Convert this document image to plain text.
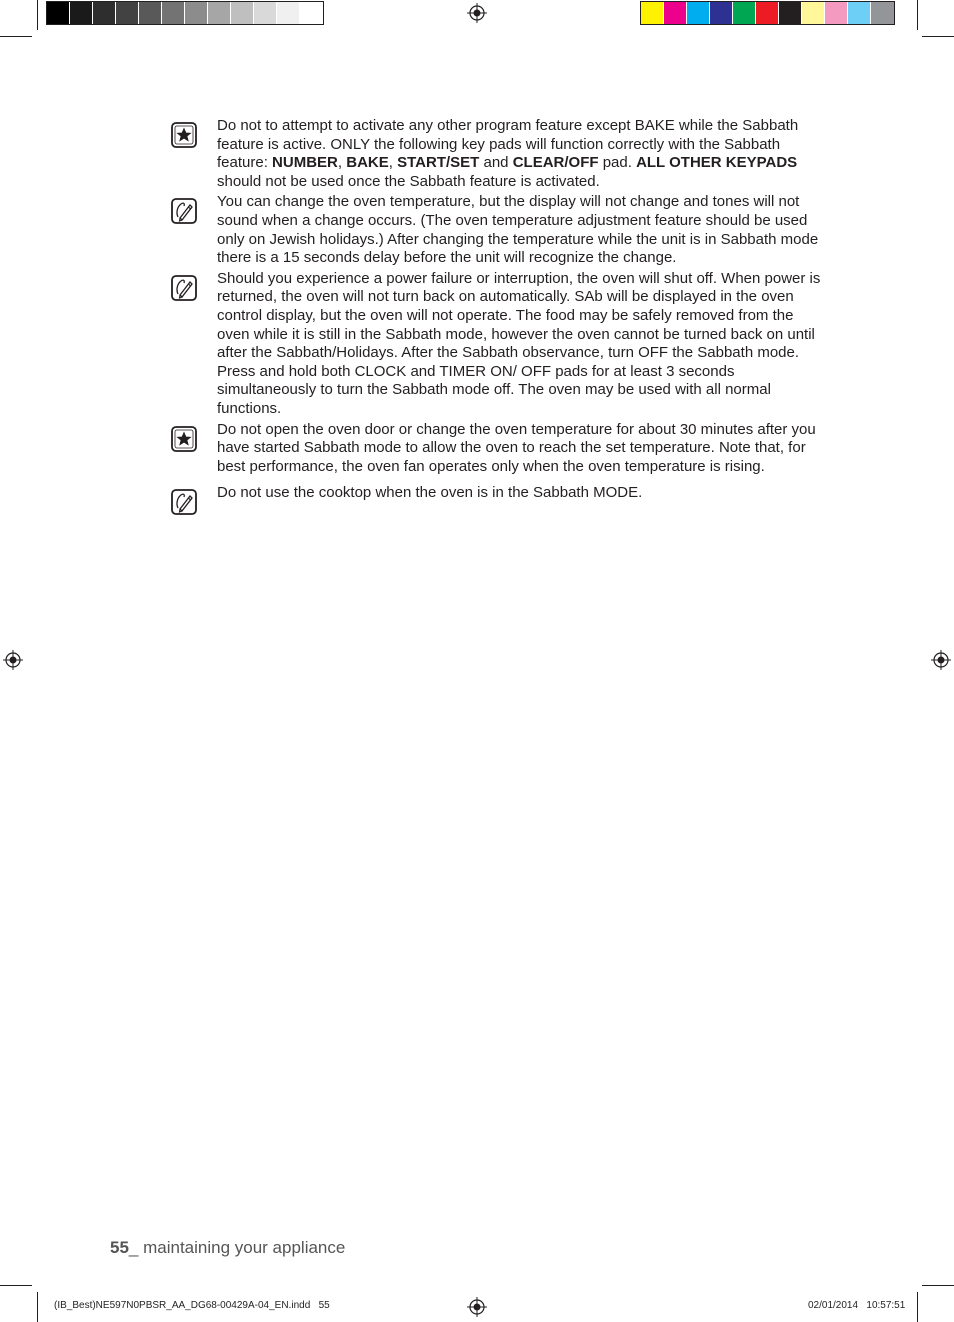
Do not to attempt to activate any other program feature except BAKE while the Sabbath feature is active. ONLY the following key pads will function correctly with the Sabbath feature: NUMBER, BAKE, START/SET and CLEAR/OFF pad. ALL OTHER KEYPADS should not be used once the Sabbath feature is activated.
You can change the oven temperature, but the display will not change and tones will not sound when a change occurs. (The oven temperature adjustment feature should be used only on Jewish holidays.) After changing the temperature while the unit is in Sabbath mode there is a 15 seconds delay before the unit will recognize the change.
Should you experience a power failure or interruption, the oven will shut off. When power is returned, the oven will not turn back on automatically. SAb will be displayed in the oven control display, but the oven will not operate. The food may be safely removed from the oven while it is still in the Sabbath mode, however the oven cannot be turned back on until after the Sabbath/Holidays. After the Sabbath observance, turn OFF the Sabbath mode. Press and hold both CLOCK and TIMER ON/ OFF pads for at least 3 seconds simultaneously to turn the Sabbath mode off. The oven may be used with all normal functions.
Do not open the oven door or change the oven temperature for about 30 minutes after you have started Sabbath mode to allow the oven to reach the set temperature. Note that, for best performance, the oven fan operates only when the oven temperature is rising.
Do not use the cooktop when the oven is in the Sabbath MODE.
55_ maintaining your appliance
(IB_Best)NE597N0PBSR_AA_DG68-00429A-04_EN.indd   55	02/01/2014   10:57:51
